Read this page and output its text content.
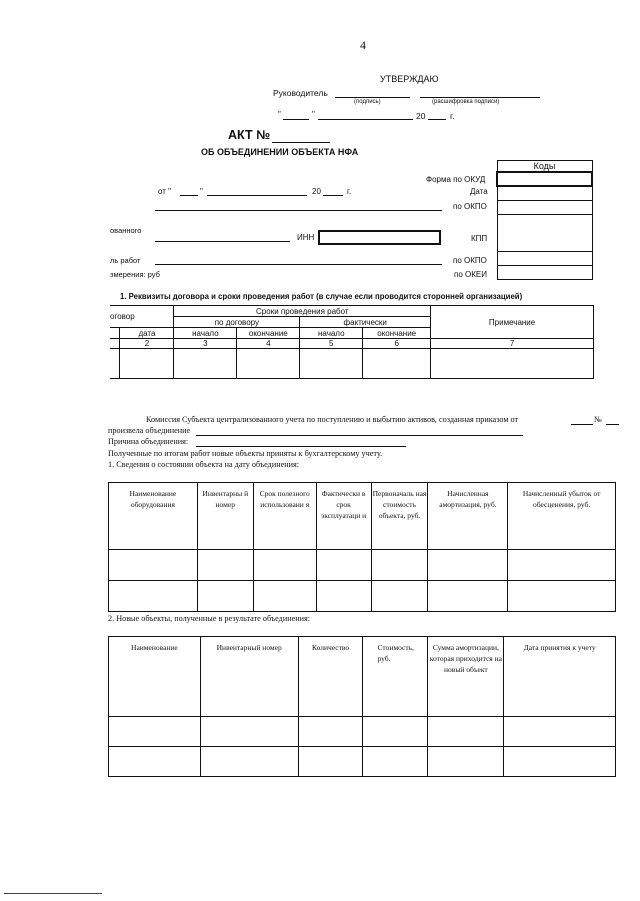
4
УТВЕРЖДАЮ
Руководитель
(подпись)	(расшифровка подписи)
"	"	20	г.
АКТ №
ОБ ОБЪЕДИНЕНИИ ОБЪЕКТА НФА
Коды

Форма по ОКУД
от "	"	20	г.	Дата
по ОКПО
ованного
ИНН	КПП
ль работ	по ОКПО
змерения: руб	по ОКЕИ
1. Реквизиты договора и сроки проведения работ (в случае если проводится сторонней организацией)
оговор		Сроки проведения работ				Примечание
		по договору		фактически		
	дата	начало	окончание	начало	окончание	
	2	3	4	5	6	7

Комиссия Субъекта централизованного учета по поступлению и выбытию активов, созданная приказом от	№
произвела объединение
Причина объединения:
Полученные по итогам работ новые объекты приняты к бухгалтерскому учету.
1. Сведения о состоянии объекта на дату объединения:
Наименование оборудования	Инвентарны й номер	Срок полезного использовани я	Фактически в срок эксплуатаци и	Первоначаль ная стоимость объекта, руб.	Начисленная амортизация, руб.	Начисленный убыток от обесценения, руб.

2. Новые объекты, полученные в результате объединения:
Наименование	Инвентарный номер	Количество	Стоимость, руб.	Сумма амортизации, которая приходится на новый объект	Дата принятия к учету
